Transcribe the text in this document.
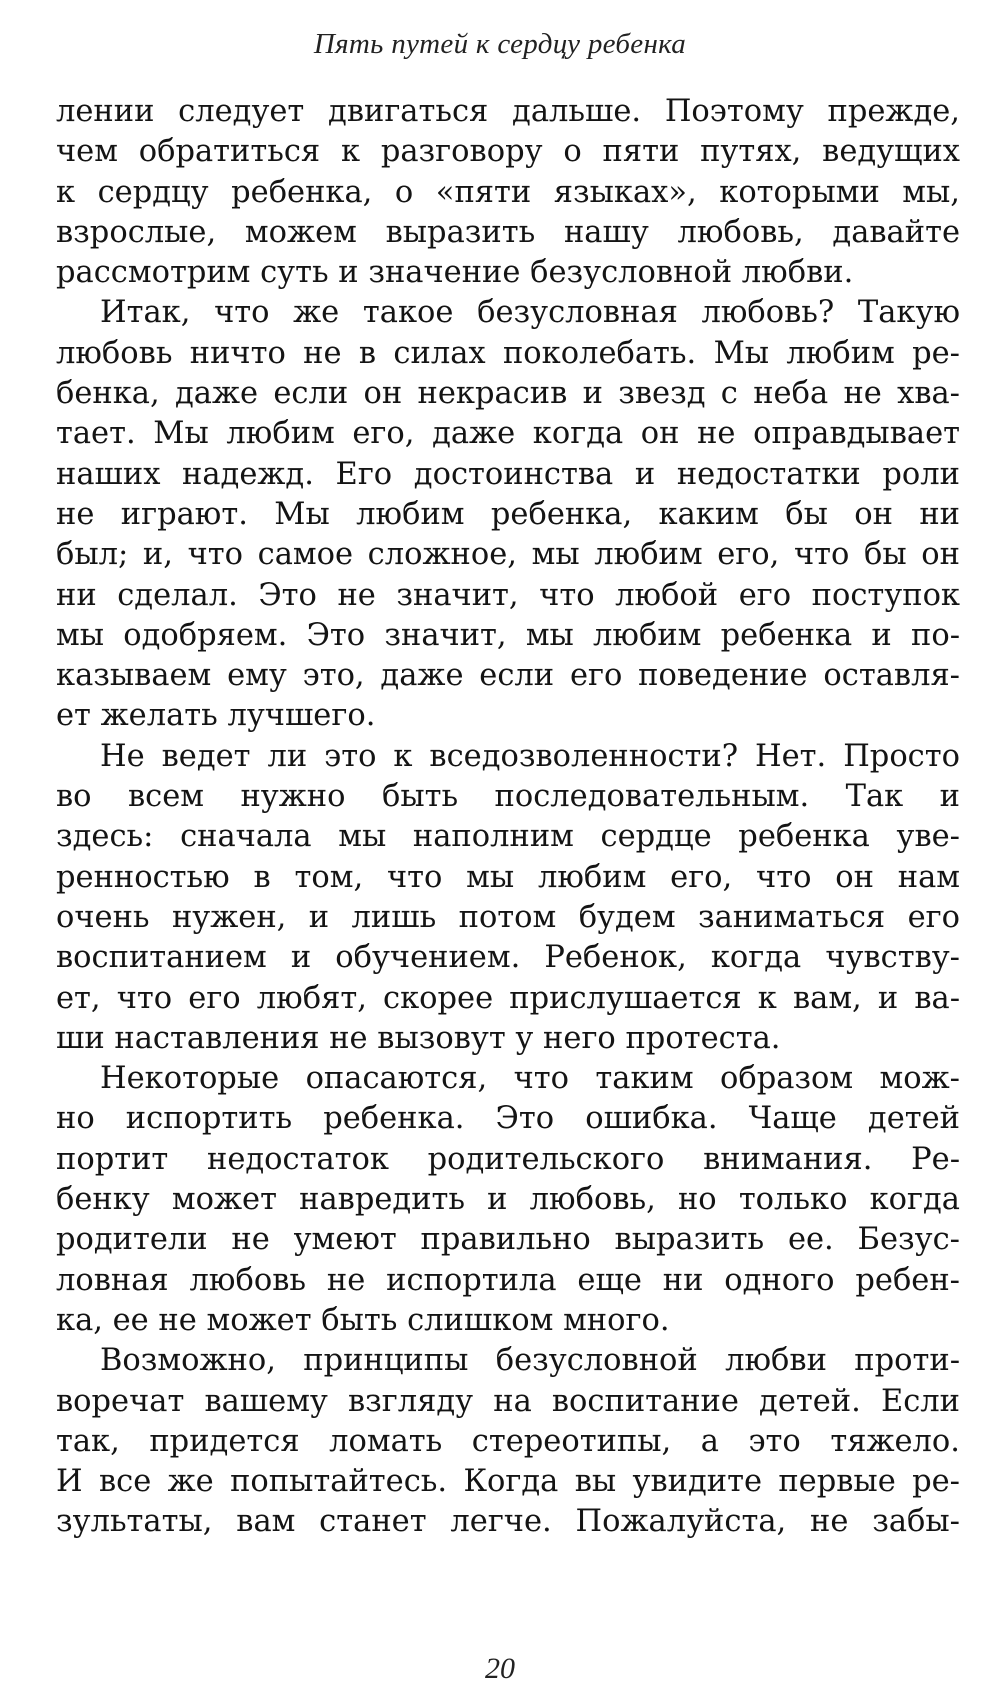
Пять путей к сердцу ребенка
лении следует двигаться дальше. Поэтому прежде,
чем обратиться к разговору о пяти путях, ведущих
к сердцу ребенка, о «пяти языках», которыми мы,
взрослые, можем выразить нашу любовь, давайте
рассмотрим суть и значение безусловной любви.
Итак, что же такое безусловная любовь? Такую
любовь ничто не в силах поколебать. Мы любим ре-
бенка, даже если он некрасив и звезд с неба не хва-
тает. Мы любим его, даже когда он не оправдывает
наших надежд. Его достоинства и недостатки роли
не играют. Мы любим ребенка, каким бы он ни
был; и, что самое сложное, мы любим его, что бы он
ни сделал. Это не значит, что любой его поступок
мы одобряем. Это значит, мы любим ребенка и по-
казываем ему это, даже если его поведение оставля-
ет желать лучшего.
Не ведет ли это к вседозволенности? Нет. Просто
во всем нужно быть последовательным. Так и
здесь: сначала мы наполним сердце ребенка уве-
ренностью в том, что мы любим его, что он нам
очень нужен, и лишь потом будем заниматься его
воспитанием и обучением. Ребенок, когда чувству-
ет, что его любят, скорее прислушается к вам, и ва-
ши наставления не вызовут у него протеста.
Некоторые опасаются, что таким образом мож-
но испортить ребенка. Это ошибка. Чаще детей
портит недостаток родительского внимания. Ре-
бенку может навредить и любовь, но только когда
родители не умеют правильно выразить ее. Безус-
ловная любовь не испортила еще ни одного ребен-
ка, ее не может быть слишком много.
Возможно, принципы безусловной любви проти-
воречат вашему взгляду на воспитание детей. Если
так, придется ломать стереотипы, а это тяжело.
И все же попытайтесь. Когда вы увидите первые ре-
зультаты, вам станет легче. Пожалуйста, не забы-
20
